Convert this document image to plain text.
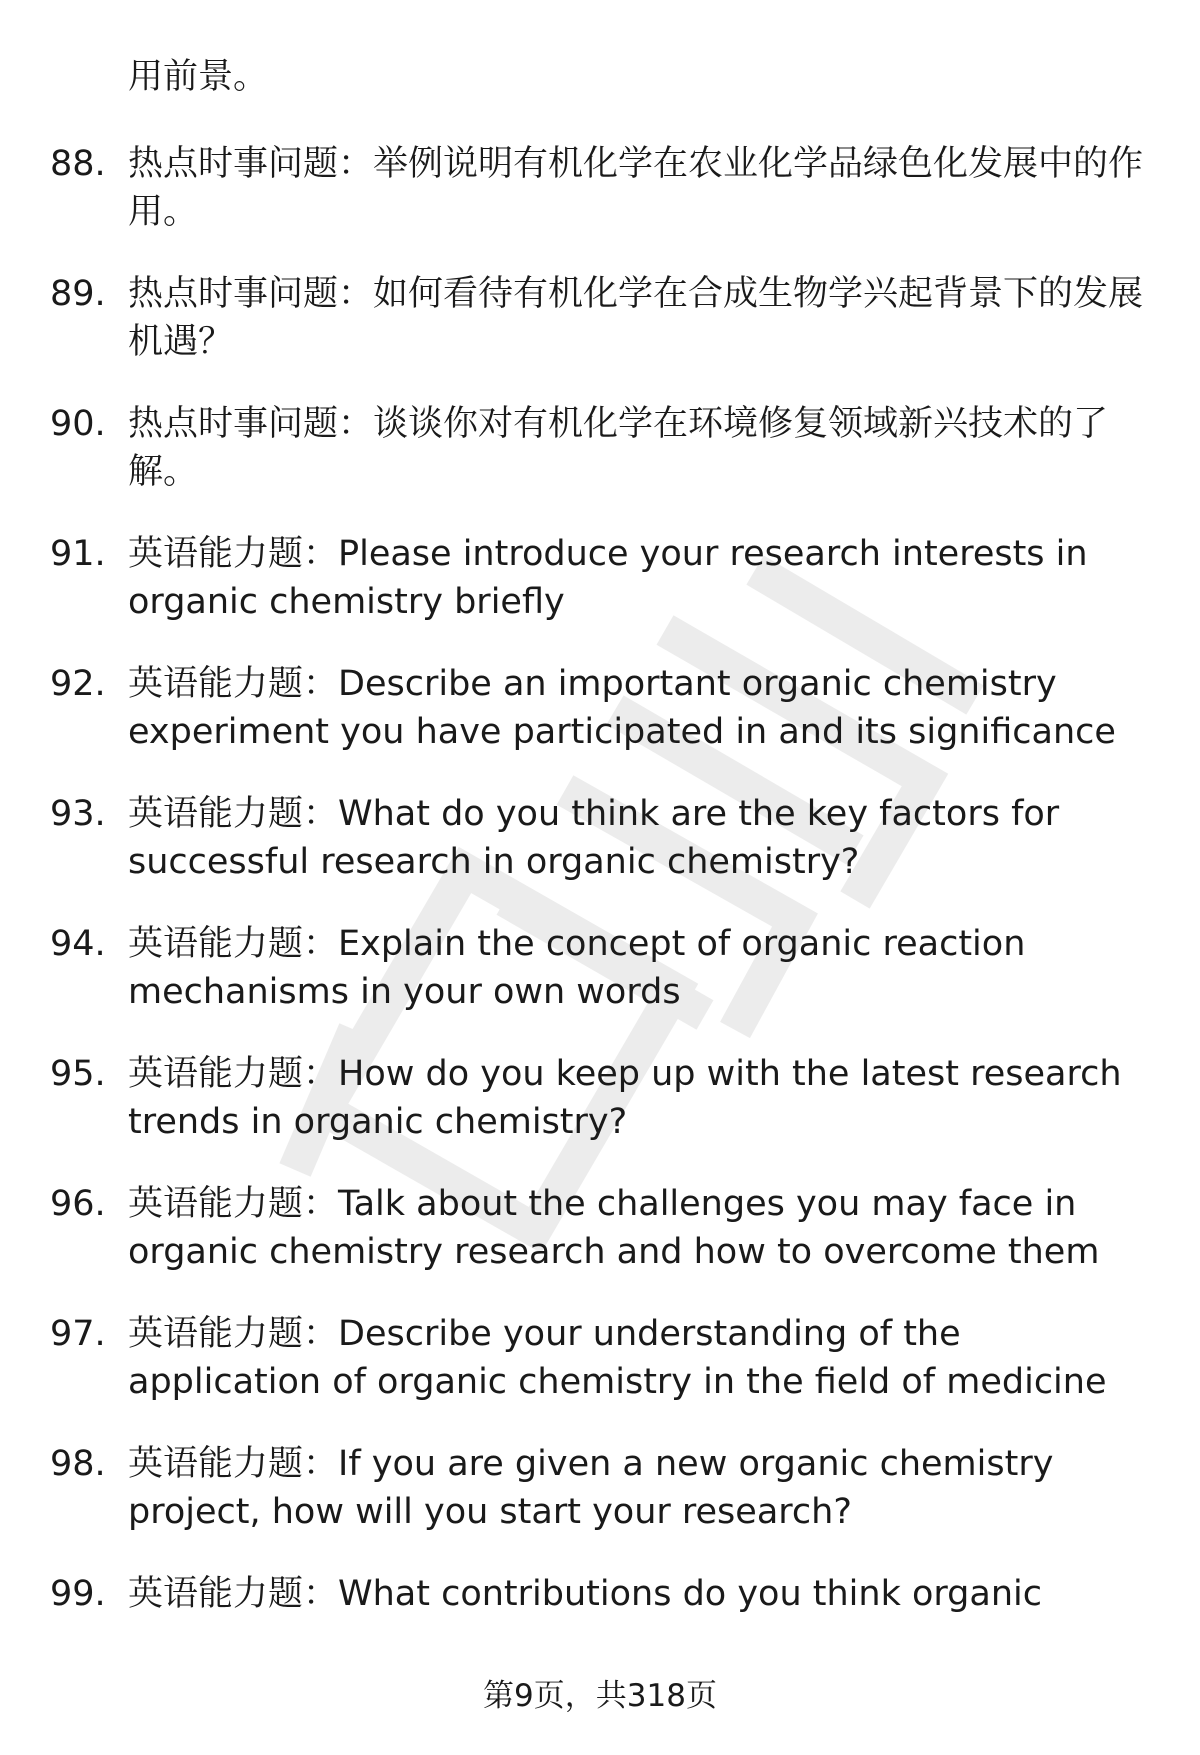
用前景。

88. 热点时事问题：举例说明有机化学在农业化学品绿色化发展中的作用。
89. 热点时事问题：如何看待有机化学在合成生物学兴起背景下的发展机遇？
90. 热点时事问题：谈谈你对有机化学在环境修复领域新兴技术的了解。
91. 英语能力题：Please introduce your research interests in organic chemistry briefly
92. 英语能力题：Describe an important organic chemistry experiment you have participated in and its significance
93. 英语能力题：What do you think are the key factors for successful research in organic chemistry?
94. 英语能力题：Explain the concept of organic reaction mechanisms in your own words
95. 英语能力题：How do you keep up with the latest research trends in organic chemistry?
96. 英语能力题：Talk about the challenges you may face in organic chemistry research and how to overcome them
97. 英语能力题：Describe your understanding of the application of organic chemistry in the field of medicine
98. 英语能力题：If you are given a new organic chemistry project, how will you start your research?
99. 英语能力题：What contributions do you think organic

第9页，共318页
